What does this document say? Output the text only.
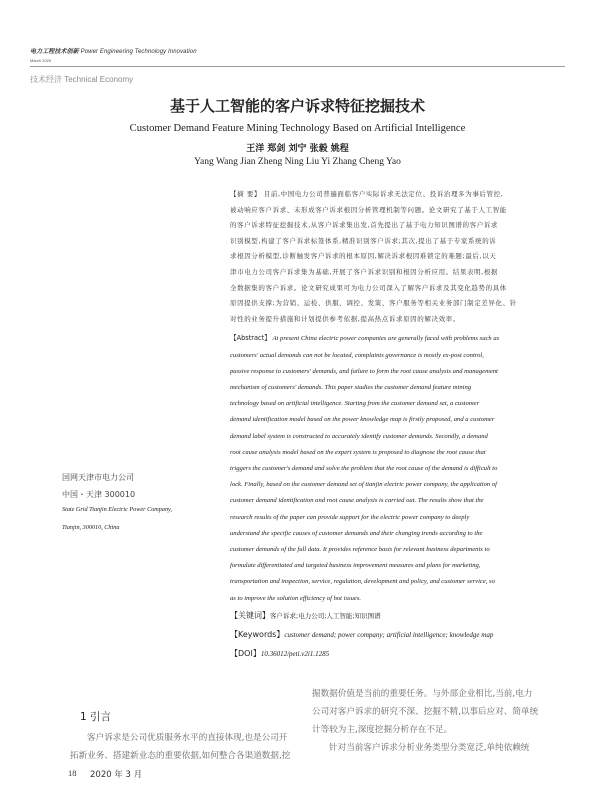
电力工程技术创新 Power Engineering Technology Innovation
March 2020
技术经济 Technical Economy
基于人工智能的客户诉求特征挖掘技术
Customer Demand Feature Mining Technology Based on Artificial Intelligence
王洋 郑剑 刘宁 张毅 姚程
Yang Wang Jian Zheng Ning Liu Yi Zhang Cheng Yao
国网天津市电力公司
中国・天津 300010
State Grid Tianjin Electric Power Company,
Tianjin, 300010, China
【摘 要】 目前,中国电力公司普遍面临客户实际诉求无法定位、投诉治理多为事后管控,
被动响应客户诉求、未形成客户诉求根因分析管理机制等问题。论文研究了基于人工智能
的客户诉求特征挖掘技术,从客户诉求集出发,首先提出了基于电力知识图谱的客户诉求
识别模型,构建了客户诉求标签体系,精准识别客户诉求;其次,提出了基于专家系统的诉
求根因分析模型,诊断触发客户诉求的根本原因,解决诉求根因难锁定的难题;最后,以天
津市电力公司客户诉求集为基础,开展了客户诉求识别和根因分析应用。结果表明,根据
全数据集的客户诉求。论文研究成果可为电力公司深入了解客户诉求及其变化趋势的具体
原因提供支撑;为营销、运检、供服、调控、发策、客户服务等相关业务部门制定差异化、针
对性的业务提升措施和计划提供参考依据,提高热点诉求原因的解决效率。
【Abstract】 At present China electric power companies are generally faced with problems such as
customers' actual demands can not be located, complaints governance is mostly ex-post control,
passive response to customers' demands, and failure to form the root cause analysis and management
mechanism of customers' demands. This paper studies the customer demand feature mining
technology based on artificial intelligence. Starting from the customer demand set, a customer
demand identification model based on the power knowledge map is firstly proposed, and a customer
demand label system is constructed to accurately identify customer demands. Secondly, a demand
root cause analysis model based on the expert system is proposed to diagnose the root cause that
triggers the customer's demand and solve the problem that the root cause of the demand is difficult to
lock. Finally, based on the customer demand set of tianjin electric power company, the application of
customer demand identification and root cause analysis is carried out. The results show that the
research results of the paper can provide support for the electric power company to deeply
understand the specific causes of customer demands and their changing trends according to the
customer demands of the full data. It provides reference basis for relevant business departments to
formulate differentiated and targeted business improvement measures and plans for marketing,
transportation and inspection, service, regulation, development and policy, and customer service, so
as to improve the solution efficiency of hot issues.
【关键词】客户诉求;电力公司;人工智能;知识图谱
【Keywords】customer demand; power company; artificial intelligence; knowledge map
【DOI】10.36012/peti.v2i1.1285
1 引言
客户诉求是公司优质服务水平的直接体现,也是公司开
拓新业务、搭建新业态的重要依据,如何整合各渠道数据,挖
掘数据价值是当前的重要任务。与外部企业相比,当前,电力
公司对客户诉求的研究不深、挖掘不精,以事后应对、简单统
计等较为主,深度挖掘分析存在不足。
针对当前客户诉求分析业务类型分类宽泛,单纯依赖统
18 2020 年 3 月
